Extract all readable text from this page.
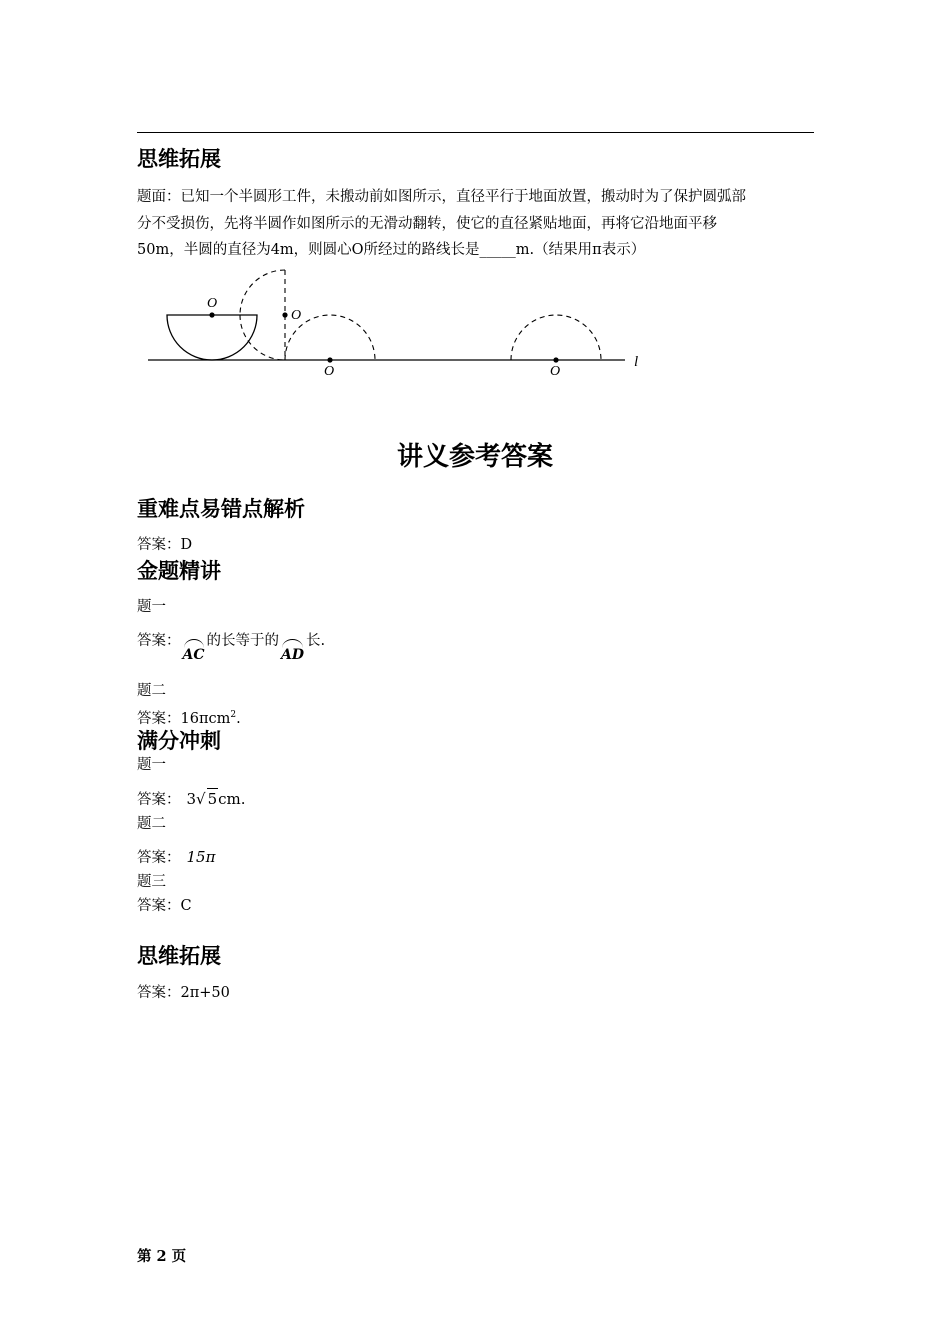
思维拓展
题面：已知一个半圆形工件，未搬动前如图所示，直径平行于地面放置，搬动时为了保护圆弧部
分不受损伤，先将半圆作如图所示的无滑动翻转，使它的直径紧贴地面，再将它沿地面平移
50m，半圆的直径为4m，则圆心O所经过的路线长是_____m.（结果用π表示）
O
O
O	O
l
讲义参考答案
重难点易错点解析
答案：D
金题精讲
题一
答案：AC的长等于的AD长.
题二
答案：16πcm$^2$.
满分冲刺
题一
答案： 3√ 5cm.
题二
答案： 15π
题三
答案：C
思维拓展
答案：2π+50
第 2 页
